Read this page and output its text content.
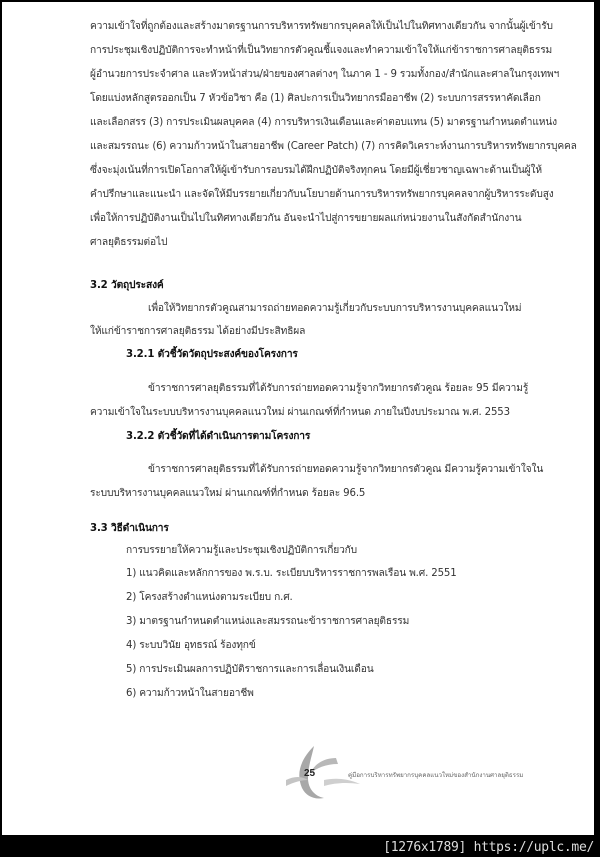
ความเข้าใจที่ถูกต้องและสร้างมาตรฐานการบริหารทรัพยากรบุคคลให้เป็นไปในทิศทางเดียวกัน จากนั้นผู้เข้ารับ
การประชุมเชิงปฏิบัติการจะทำหน้าที่เป็นวิทยากรตัวคูณชี้แจงและทำความเข้าใจให้แก่ข้าราชการศาลยุติธรรม
ผู้อำนวยการประจำศาล และหัวหน้าส่วน/ฝ่ายของศาลต่างๆ ในภาค 1 - 9 รวมทั้งกอง/สำนักและศาลในกรุงเทพฯ
โดยแบ่งหลักสูตรออกเป็น 7 หัวข้อวิชา คือ (1) ศิลปะการเป็นวิทยากรมืออาชีพ (2) ระบบการสรรหาคัดเลือก
และเลือกสรร (3) การประเมินผลบุคคล (4) การบริหารเงินเดือนและค่าตอบแทน (5) มาตรฐานกำหนดตำแหน่ง
และสมรรถนะ (6) ความก้าวหน้าในสายอาชีพ (Career Patch) (7) การคิดวิเคราะห์งานการบริหารทรัพยากรบุคคล
ซึ่งจะมุ่งเน้นที่การเปิดโอกาสให้ผู้เข้ารับการอบรมได้ฝึกปฏิบัติจริงทุกคน โดยมีผู้เชี่ยวชาญเฉพาะด้านเป็นผู้ให้
คำปรึกษาและแนะนำ และจัดให้มีบรรยายเกี่ยวกับนโยบายด้านการบริหารทรัพยากรบุคคลจากผู้บริหารระดับสูง
เพื่อให้การปฏิบัติงานเป็นไปในทิศทางเดียวกัน อันจะนำไปสู่การขยายผลแก่หน่วยงานในสังกัดสำนักงาน
ศาลยุติธรรมต่อไป
3.2 วัตถุประสงค์
เพื่อให้วิทยากรตัวคูณสามารถถ่ายทอดความรู้เกี่ยวกับระบบการบริหารงานบุคคลแนวใหม่
ให้แก่ข้าราชการศาลยุติธรรม ได้อย่างมีประสิทธิผล
3.2.1 ตัวชี้วัดวัตถุประสงค์ของโครงการ
ข้าราชการศาลยุติธรรมที่ได้รับการถ่ายทอดความรู้จากวิทยากรตัวคูณ ร้อยละ 95 มีความรู้
ความเข้าใจในระบบบริหารงานบุคคลแนวใหม่ ผ่านเกณฑ์ที่กำหนด ภายในปีงบประมาณ พ.ศ. 2553
3.2.2 ตัวชี้วัดที่ได้ดำเนินการตามโครงการ
ข้าราชการศาลยุติธรรมที่ได้รับการถ่ายทอดความรู้จากวิทยากรตัวคูณ มีความรู้ความเข้าใจใน
ระบบบริหารงานบุคคลแนวใหม่ ผ่านเกณฑ์ที่กำหนด ร้อยละ 96.5
3.3 วิธีดำเนินการ
การบรรยายให้ความรู้และประชุมเชิงปฏิบัติการเกี่ยวกับ
1) แนวคิดและหลักการของ พ.ร.บ. ระเบียบบริหารราชการพลเรือน พ.ศ. 2551
2) โครงสร้างตำแหน่งตามระเบียบ ก.ศ.
3) มาตรฐานกำหนดตำแหน่งและสมรรถนะข้าราชการศาลยุติธรรม
4) ระบบวินัย อุทธรณ์ ร้องทุกข์
5) การประเมินผลการปฏิบัติราชการและการเลื่อนเงินเดือน
6) ความก้าวหน้าในสายอาชีพ
25	คู่มือการบริหารทรัพยากรบุคคลแนวใหม่ของสำนักงานศาลยุติธรรม
[1276x1789] https://uplc.me/
